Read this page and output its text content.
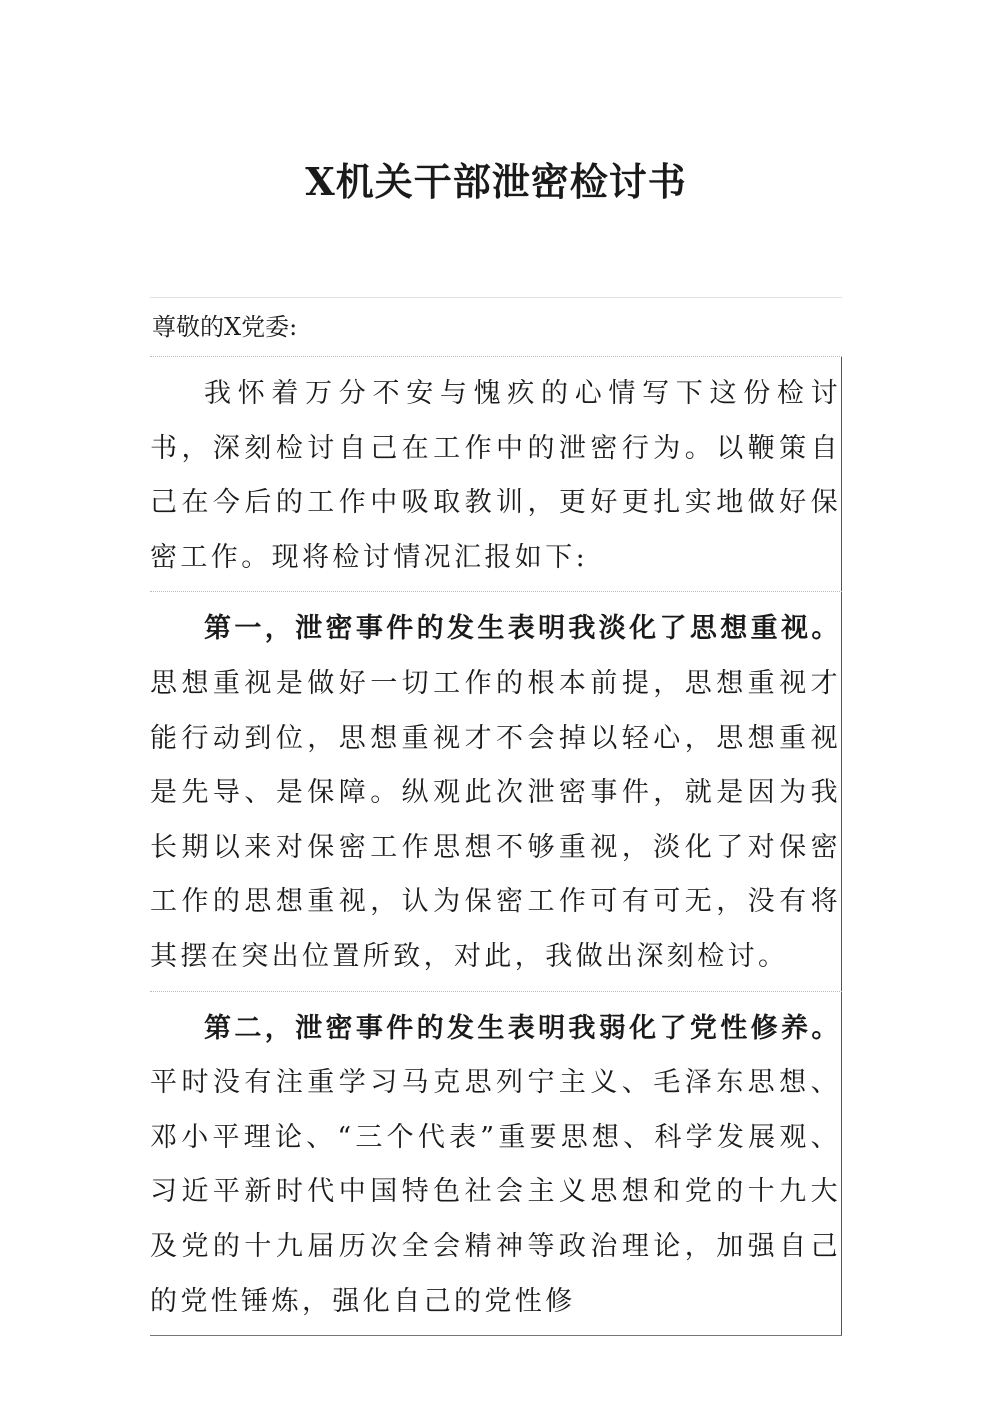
X机关干部泄密检讨书
尊敬的X党委:
我怀着万分不安与愧疚的心情写下这份检讨书，深刻检讨自己在工作中的泄密行为。以鞭策自己在今后的工作中吸取教训，更好更扎实地做好保密工作。现将检讨情况汇报如下:
第一，泄密事件的发生表明我淡化了思想重视。思想重视是做好一切工作的根本前提，思想重视才能行动到位，思想重视才不会掉以轻心，思想重视是先导、是保障。纵观此次泄密事件，就是因为我长期以来对保密工作思想不够重视，淡化了对保密工作的思想重视，认为保密工作可有可无，没有将其摆在突出位置所致，对此，我做出深刻检讨。
第二，泄密事件的发生表明我弱化了党性修养。平时没有注重学习马克思列宁主义、毛泽东思想、邓小平理论、“三个代表”重要思想、科学发展观、习近平新时代中国特色社会主义思想和党的十九大及党的十九届历次全会精神等政治理论，加强自己的党性锤炼，强化自己的党性修
